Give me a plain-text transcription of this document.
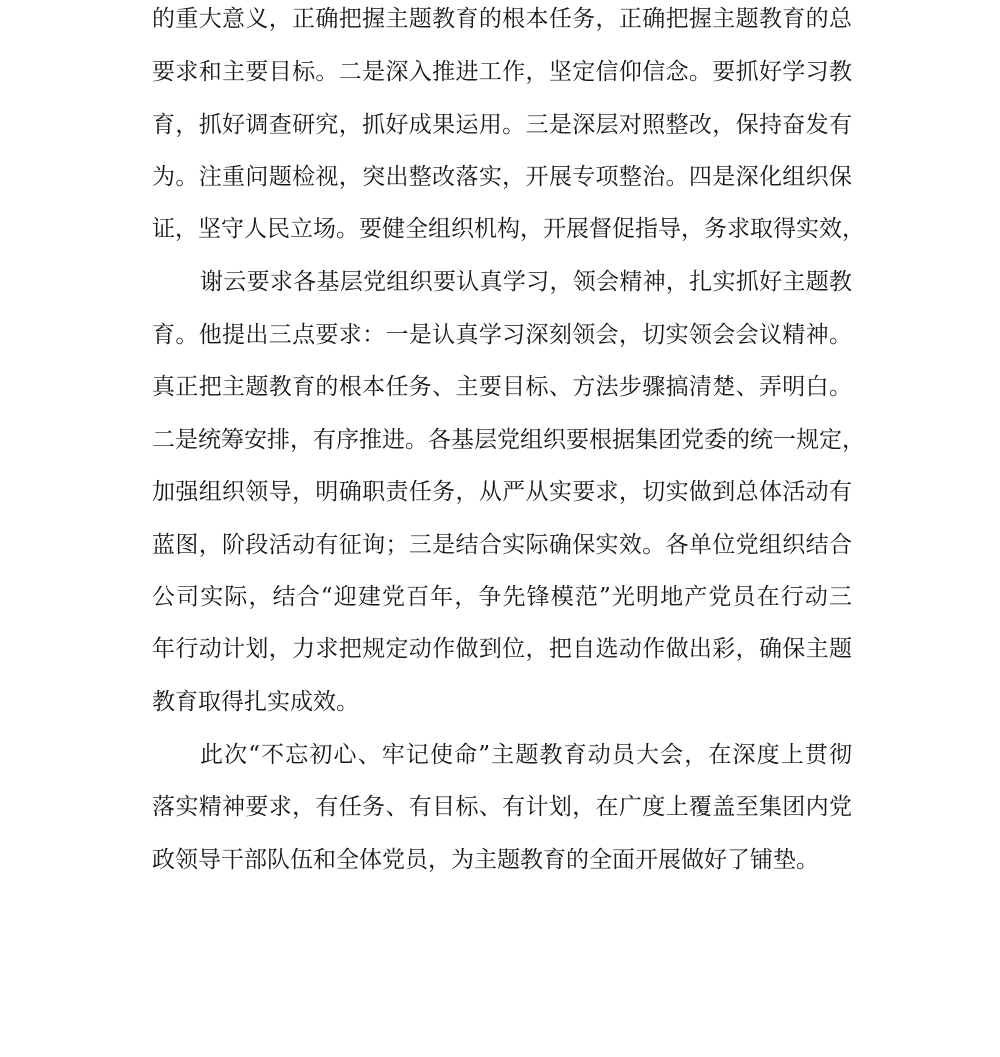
的重大意义，正确把握主题教育的根本任务，正确把握主题教育的总
要求和主要目标。二是深入推进工作，坚定信仰信念。要抓好学习教
育，抓好调查研究，抓好成果运用。三是深层对照整改，保持奋发有
为。注重问题检视，突出整改落实，开展专项整治。四是深化组织保
证，坚守人民立场。要健全组织机构，开展督促指导，务求取得实效，
谢云要求各基层党组织要认真学习，领会精神，扎实抓好主题教
育。他提出三点要求：一是认真学习深刻领会，切实领会会议精神。
真正把主题教育的根本任务、主要目标、方法步骤搞清楚、弄明白。
二是统筹安排，有序推进。各基层党组织要根据集团党委的统一规定，
加强组织领导，明确职责任务，从严从实要求，切实做到总体活动有
蓝图，阶段活动有征询；三是结合实际确保实效。各单位党组织结合
公司实际，结合“迎建党百年，争先锋模范”光明地产党员在行动三
年行动计划，力求把规定动作做到位，把自选动作做出彩，确保主题
教育取得扎实成效。
此次“不忘初心、牢记使命”主题教育动员大会，在深度上贯彻
落实精神要求，有任务、有目标、有计划，在广度上覆盖至集团内党
政领导干部队伍和全体党员，为主题教育的全面开展做好了铺垫。
